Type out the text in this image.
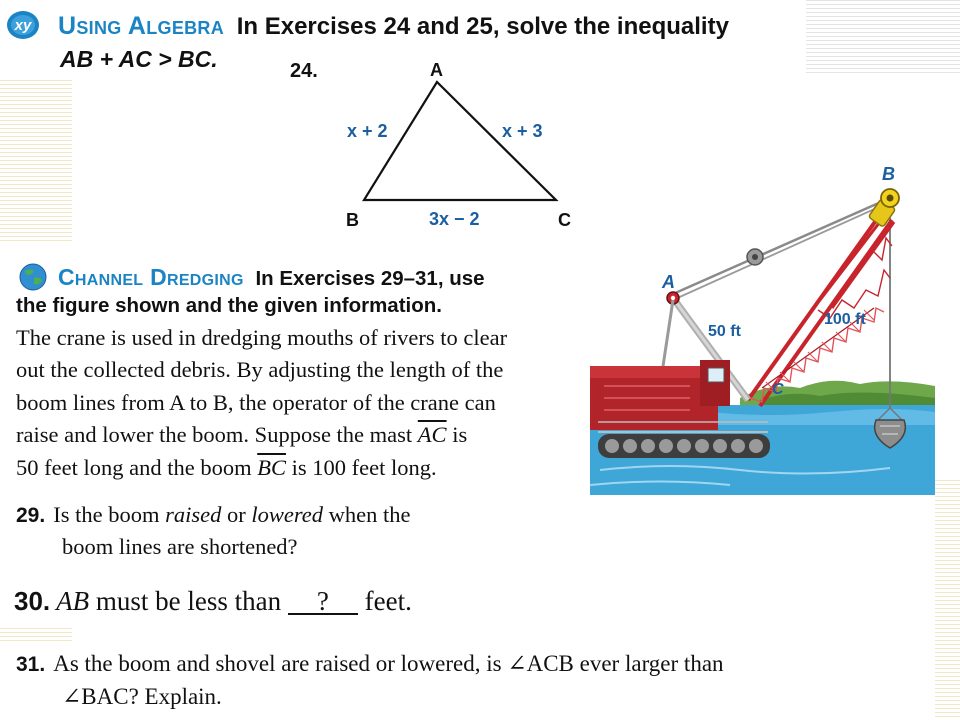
xy Using Algebra In Exercises 24 and 25, solve the inequality
AB + AC > BC.	24.	A
B	C
x + 2	x + 3
3x − 2
Channel Dredging In Exercises 29–31, use
the figure shown and the given information.
The crane is used in dredging mouths of rivers to clear
out the collected debris. By adjusting the length of the
boom lines from A to B, the operator of the crane can
raise and lower the boom. Suppose the mast $\overline{AC}$ is
50 feet long and the boom $\overline{BC}$ is 100 feet long.
A
B
C
50 ft
100 ft
29. Is the boom raised or lowered when the
boom lines are shortened?
30. AB must be less than ? feet.
31. As the boom and shovel are raised or lowered, is ∠ACB ever larger than
∠BAC? Explain.
